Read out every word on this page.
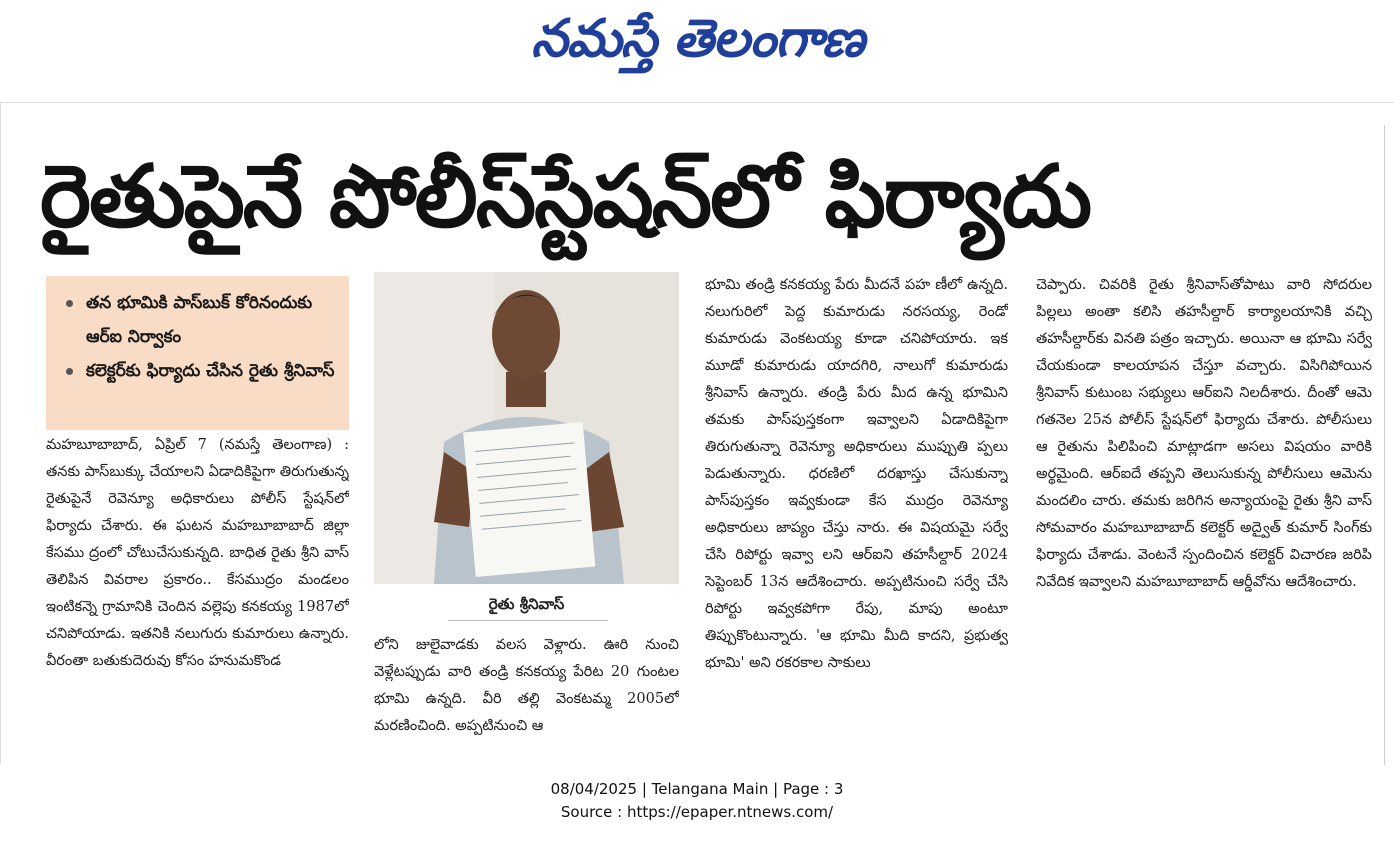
నమస్తే తెలంగాణ
రైతుపైనే పోలీస్‌స్టేషన్‌లో ఫిర్యాదు
తన భూమికి పాస్‌బుక్ కోరినందుకు ఆర్‌ఐ నిర్వాకం
కలెక్టర్‌కు ఫిర్యాదు చేసిన రైతు శ్రీనివాస్
మహబూబాబాద్, ఏప్రిల్ 7 (నమస్తే తెలంగాణ) : తనకు పాస్‌బుక్కు చేయాలని ఏడాదికిపైగా తిరుగుతున్న రైతుపైనే రెవెన్యూ అధికారులు పోలీస్ స్టేషన్‌లో ఫిర్యాదు చేశారు. ఈ ఘటన మహబూబాబాద్ జిల్లా కేసము ద్రంలో చోటుచేసుకున్నది. బాధిత రైతు శ్రీని వాస్ తెలిపిన వివరాల ప్రకారం.. కేసముద్రం మండలం ఇంటికన్నె గ్రామానికి చెందిన వల్లెపు కనకయ్య 1987లో చనిపోయాడు. ఇతనికి నలుగురు కుమారులు ఉన్నారు. వీరంతా బతుకుదెరువు కోసం హనుమకొండ
రైతు శ్రీనివాస్
లోని జులైవాడకు వలస వెళ్లారు. ఊరి నుంచి వెళ్లేటప్పుడు వారి తండ్రి కనకయ్య పేరిట 20 గుంటల భూమి ఉన్నది. వీరి తల్లి వెంకటమ్మ 2005లో మరణించింది. అప్పటినుంచి ఆ
భూమి తండ్రి కనకయ్య పేరు మీదనే పహ ణీలో ఉన్నది. నలుగురిలో పెద్ద కుమారుడు నరసయ్య, రెండో కుమారుడు వెంకటయ్య కూడా చనిపోయారు. ఇక మూడో కుమారుడు యాదగిరి, నాలుగో కుమారుడు శ్రీనివాస్ ఉన్నారు. తండ్రి పేరు మీద ఉన్న భూమిని తమకు పాస్‌పుస్తకంగా ఇవ్వాలని ఏడాదికిపైగా తిరుగుతున్నా రెవెన్యూ అధికారులు ముప్పుతి ప్పలు పెడుతున్నారు. ధరణిలో దరఖాస్తు చేసుకున్నా పాస్‌పుస్తకం ఇవ్వకుండా కేస ముద్రం రెవెన్యూ అధికారులు జాప్యం చేస్తు నారు. ఈ విషయమై సర్వే చేసి రిపోర్టు ఇవ్వా లని ఆర్‌ఐని తహసీల్దార్ 2024 సెప్టెంబర్ 13న ఆదేశించారు. అప్పటినుంచి సర్వే చేసి రిపోర్టు ఇవ్వకపోగా రేపు, మాపు అంటూ తిప్పుకొంటున్నారు. 'ఆ భూమి మీది కాదని, ప్రభుత్వ భూమి' అని రకరకాల సాకులు
చెప్పారు. చివరికి రైతు శ్రీనివాస్‌తోపాటు వారి సోదరుల పిల్లలు అంతా కలిసి తహసీల్దార్ కార్యాలయానికి వచ్చి తహసీల్దార్‌కు వినతి పత్రం ఇచ్చారు. అయినా ఆ భూమి సర్వే చేయకుండా కాలయాపన చేస్తూ వచ్చారు. విసిగిపోయిన శ్రీనివాస్ కుటుంబ సభ్యులు ఆర్‌ఐని నిలదీశారు. దీంతో ఆమె గతనెల 25న పోలీస్ స్టేషన్‌లో ఫిర్యాదు చేశారు. పోలీసులు ఆ రైతును పిలిపించి మాట్లాడగా అసలు విషయం వారికి అర్థమైంది. ఆర్‌ఐదే తప్పని తెలుసుకున్న పోలీసులు ఆమెను మందలిం చారు. తమకు జరిగిన అన్యాయంపై రైతు శ్రీని వాస్ సోమవారం మహబూబాబాద్ కలెక్టర్ అద్వైత్ కుమార్ సింగ్‌కు ఫిర్యాదు చేశాడు. వెంటనే స్పందించిన కలెక్టర్ విచారణ జరిపి నివేదిక ఇవ్వాలని మహబూబాబాద్ ఆర్డీవోను ఆదేశించారు.
08/04/2025 | Telangana Main | Page : 3
Source : https://epaper.ntnews.com/
